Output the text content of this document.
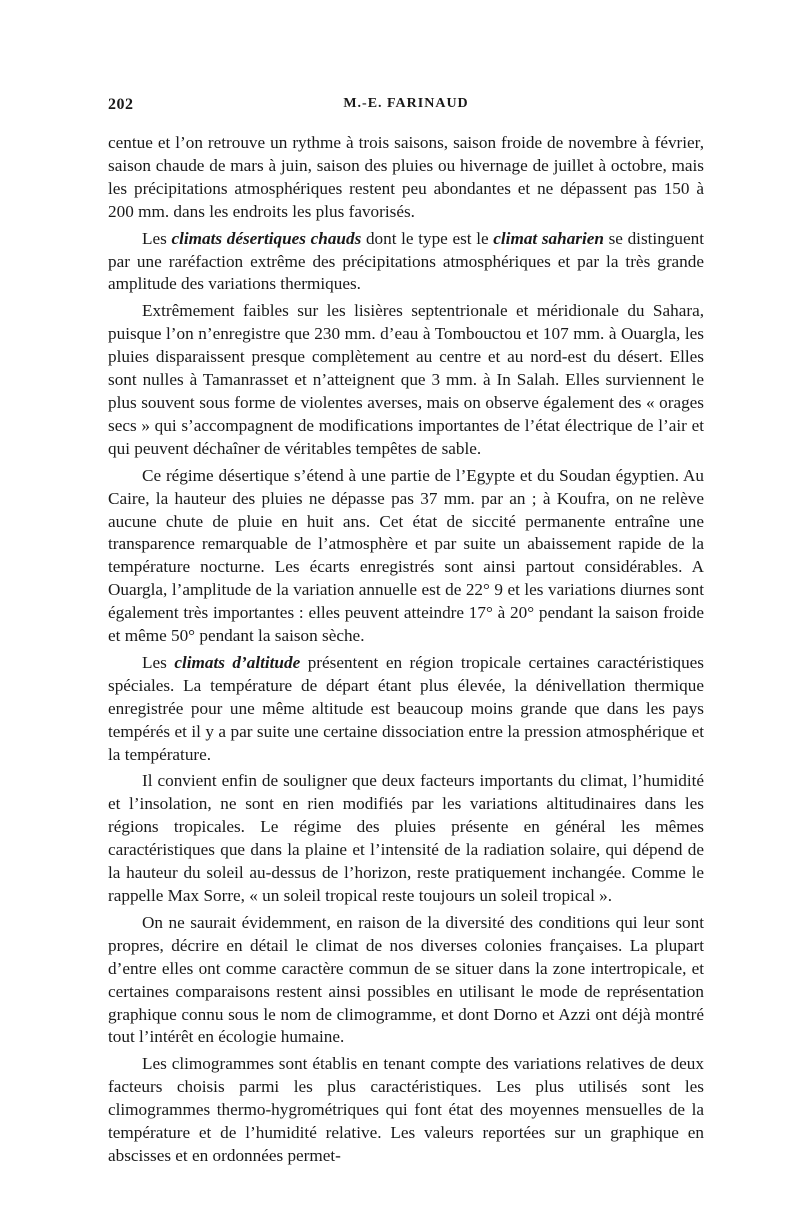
202	M.-E. FARINAUD

centue et l’on retrouve un rythme à trois saisons, saison froide de novembre à février, saison chaude de mars à juin, saison des pluies ou hivernage de juillet à octobre, mais les précipitations atmosphériques restent peu abondantes et ne dépassent pas 150 à 200 mm. dans les endroits les plus favorisés.

Les climats désertiques chauds dont le type est le climat saharien se distinguent par une raréfaction extrême des précipitations atmosphériques et par la très grande amplitude des variations thermiques.

Extrêmement faibles sur les lisières septentrionale et méridionale du Sahara, puisque l’on n’enregistre que 230 mm. d’eau à Tombouctou et 107 mm. à Ouargla, les pluies disparaissent presque complètement au centre et au nord-est du désert. Elles sont nulles à Tamanrasset et n’atteignent que 3 mm. à In Salah. Elles surviennent le plus souvent sous forme de violentes averses, mais on observe également des « orages secs » qui s’accompagnent de modifications importantes de l’état électrique de l’air et qui peuvent déchaîner de véritables tempêtes de sable.

Ce régime désertique s’étend à une partie de l’Egypte et du Soudan égyptien. Au Caire, la hauteur des pluies ne dépasse pas 37 mm. par an ; à Koufra, on ne relève aucune chute de pluie en huit ans. Cet état de siccité permanente entraîne une transparence remarquable de l’atmosphère et par suite un abaissement rapide de la température nocturne. Les écarts enregistrés sont ainsi partout considérables. A Ouargla, l’amplitude de la variation annuelle est de 22° 9 et les variations diurnes sont également très importantes : elles peuvent atteindre 17° à 20° pendant la saison froide et même 50° pendant la saison sèche.

Les climats d’altitude présentent en région tropicale certaines caractéristiques spéciales. La température de départ étant plus élevée, la dénivellation thermique enregistrée pour une même altitude est beaucoup moins grande que dans les pays tempérés et il y a par suite une certaine dissociation entre la pression atmosphérique et la température.

Il convient enfin de souligner que deux facteurs importants du climat, l’humidité et l’insolation, ne sont en rien modifiés par les variations altitudinaires dans les régions tropicales. Le régime des pluies présente en général les mêmes caractéristiques que dans la plaine et l’intensité de la radiation solaire, qui dépend de la hauteur du soleil au-dessus de l’horizon, reste pratiquement inchangée. Comme le rappelle Max Sorre, « un soleil tropical reste toujours un soleil tropical ».

On ne saurait évidemment, en raison de la diversité des conditions qui leur sont propres, décrire en détail le climat de nos diverses colonies françaises. La plupart d’entre elles ont comme caractère commun de se situer dans la zone intertropicale, et certaines comparaisons restent ainsi possibles en utilisant le mode de représentation graphique connu sous le nom de climogramme, et dont Dorno et Azzi ont déjà montré tout l’intérêt en écologie humaine.

Les climogrammes sont établis en tenant compte des variations relatives de deux facteurs choisis parmi les plus caractéristiques. Les plus utilisés sont les climogrammes thermo-hygrométriques qui font état des moyennes mensuelles de la température et de l’humidité relative. Les valeurs reportées sur un graphique en abscisses et en ordonnées permet-
